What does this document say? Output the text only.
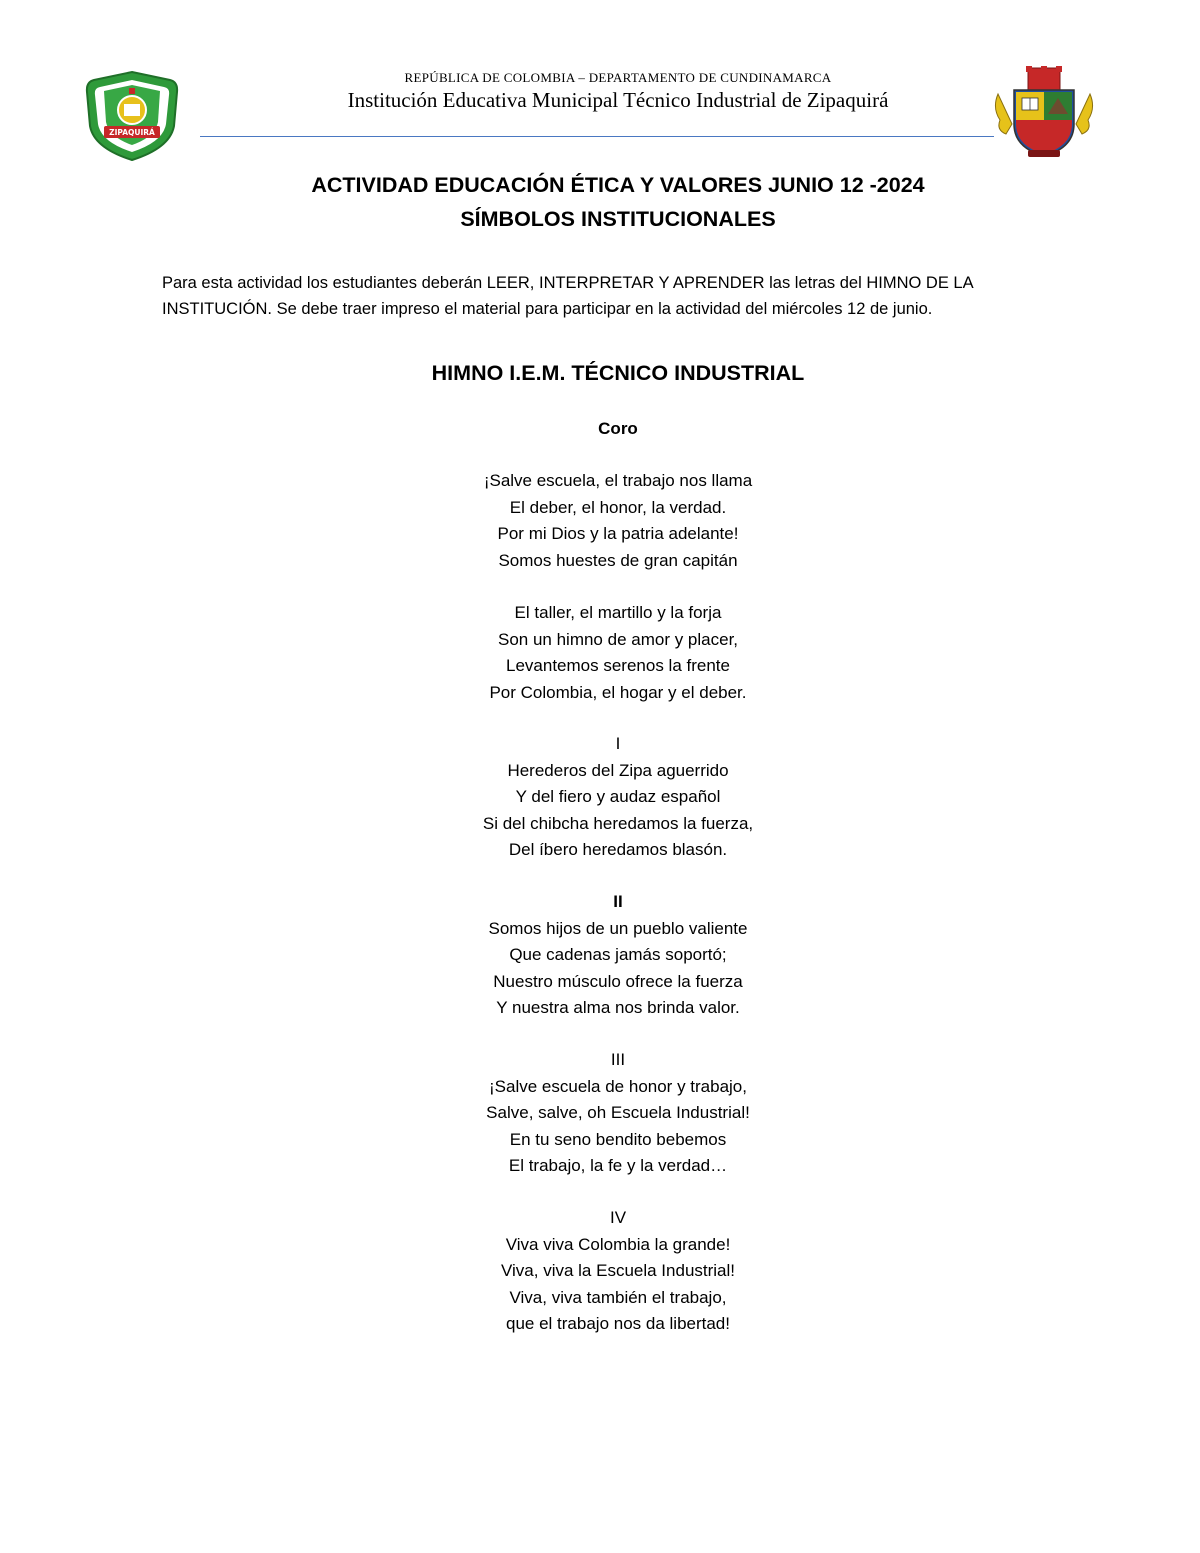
ZIPAQUIRÁ
REPÚBLICA DE COLOMBIA – DEPARTAMENTO DE CUNDINAMARCA
Institución Educativa Municipal Técnico Industrial de Zipaquirá
ACTIVIDAD EDUCACIÓN ÉTICA Y VALORES JUNIO 12 -2024
SÍMBOLOS INSTITUCIONALES
Para esta actividad los estudiantes deberán LEER, INTERPRETAR Y APRENDER las letras del HIMNO DE LA
INSTITUCIÓN. Se debe traer impreso el material para participar en la actividad del miércoles 12 de junio.
HIMNO I.E.M. TÉCNICO INDUSTRIAL
Coro
¡Salve escuela, el trabajo nos llama
El deber, el honor, la verdad.
Por mi Dios y la patria adelante!
Somos huestes de gran capitán
El taller, el martillo y la forja
Son un himno de amor y placer,
Levantemos serenos la frente
Por Colombia, el hogar y el deber.
I
Herederos del Zipa aguerrido
Y del fiero y audaz español
Si del chibcha heredamos la fuerza,
Del íbero heredamos blasón.
II
Somos hijos de un pueblo valiente
Que cadenas jamás soportó;
Nuestro músculo ofrece la fuerza
Y nuestra alma nos brinda valor.
III
¡Salve escuela de honor y trabajo,
Salve, salve, oh Escuela Industrial!
En tu seno bendito bebemos
El trabajo, la fe y la verdad…
IV
Viva viva Colombia la grande!
Viva, viva la Escuela Industrial!
Viva, viva también el trabajo,
que el trabajo nos da libertad!
